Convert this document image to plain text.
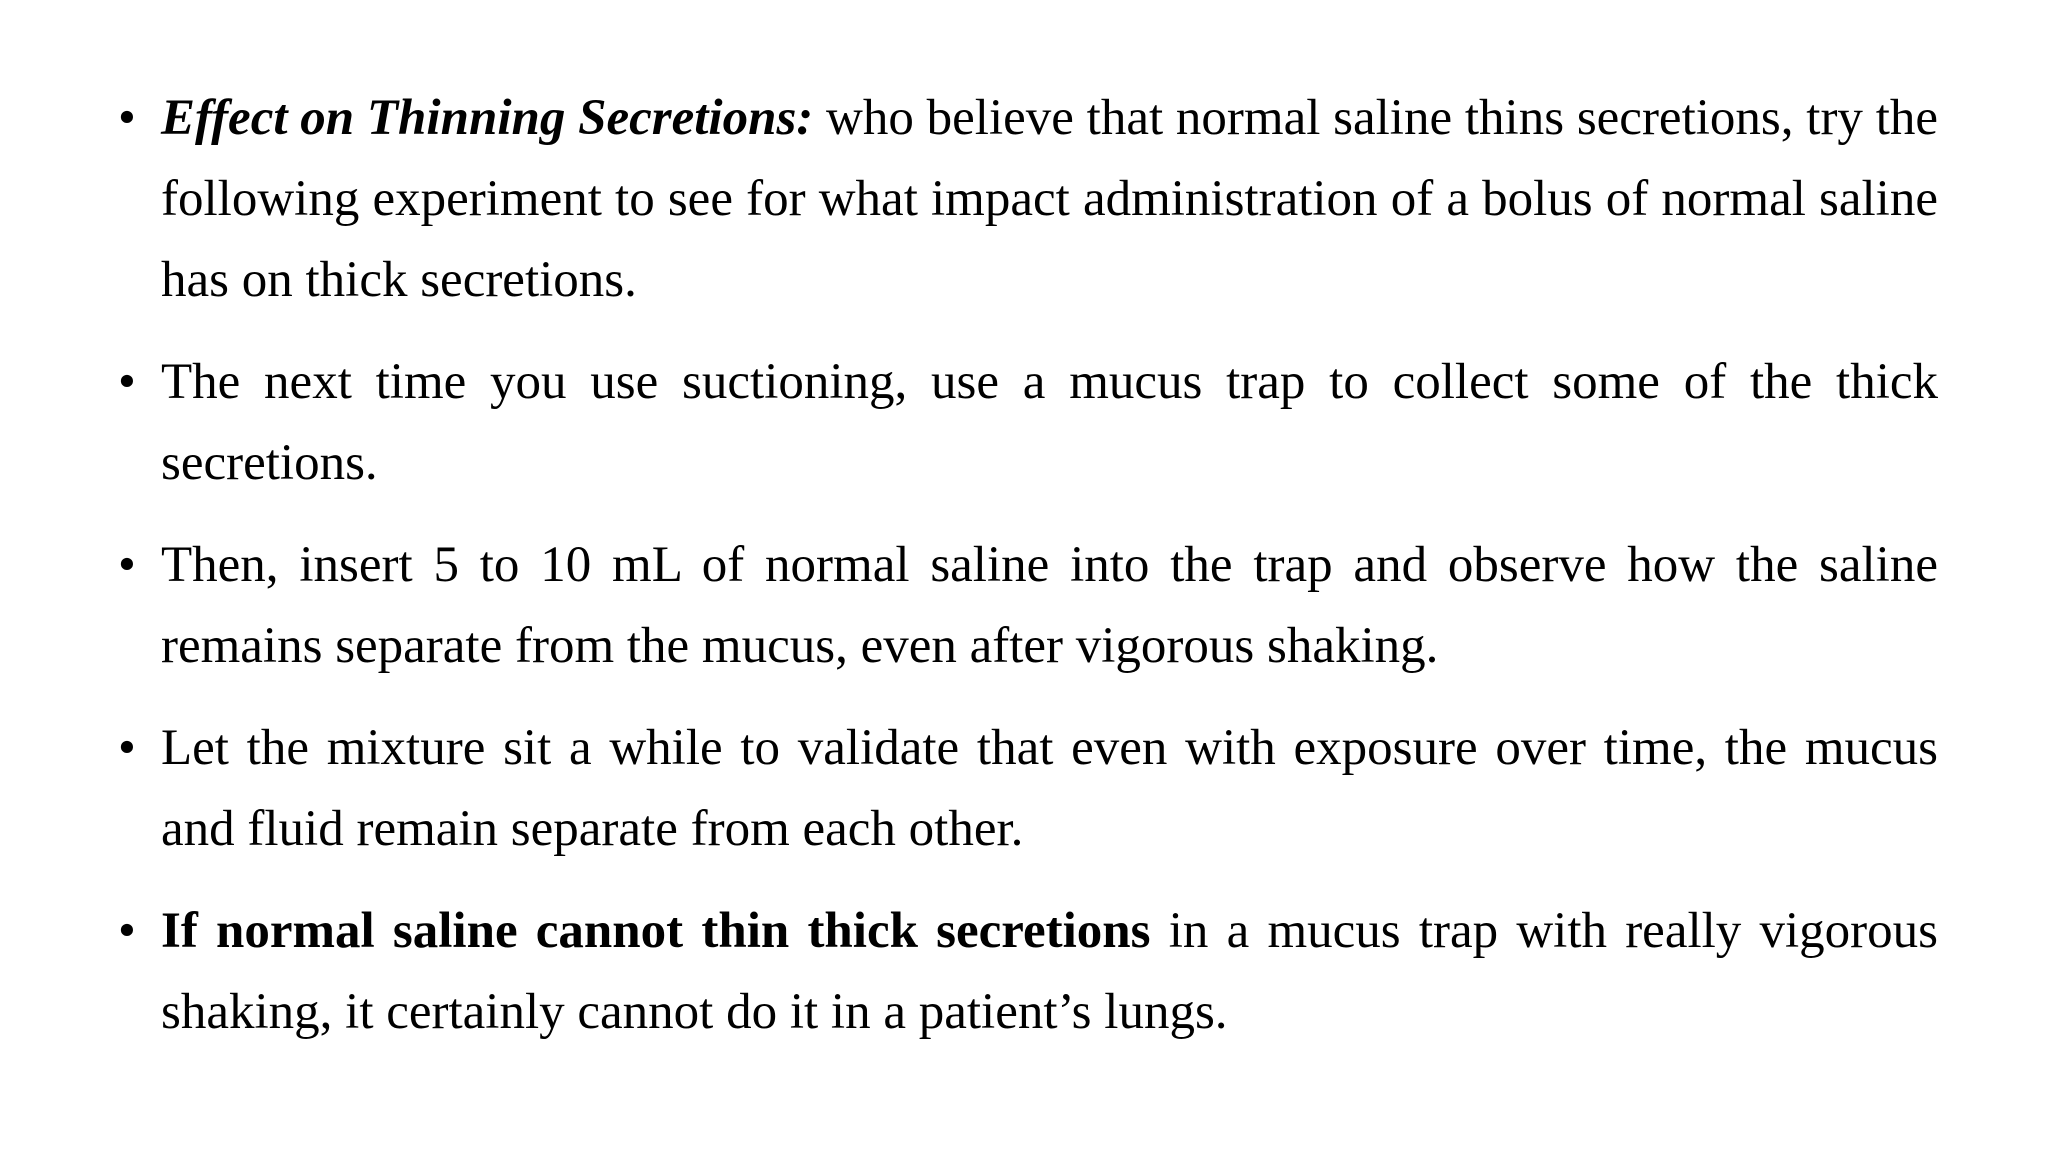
• Effect on Thinning Secretions: who believe that normal saline thins secretions, try the following experiment to see for what impact administration of a bolus of normal saline has on thick secretions.
• The next time you use suctioning, use a mucus trap to collect some of the thick secretions.
• Then, insert 5 to 10 mL of normal saline into the trap and observe how the saline remains separate from the mucus, even after vigorous shaking.
• Let the mixture sit a while to validate that even with exposure over time, the mucus and fluid remain separate from each other.
• If normal saline cannot thin thick secretions in a mucus trap with really vigorous shaking, it certainly cannot do it in a patient’s lungs.
